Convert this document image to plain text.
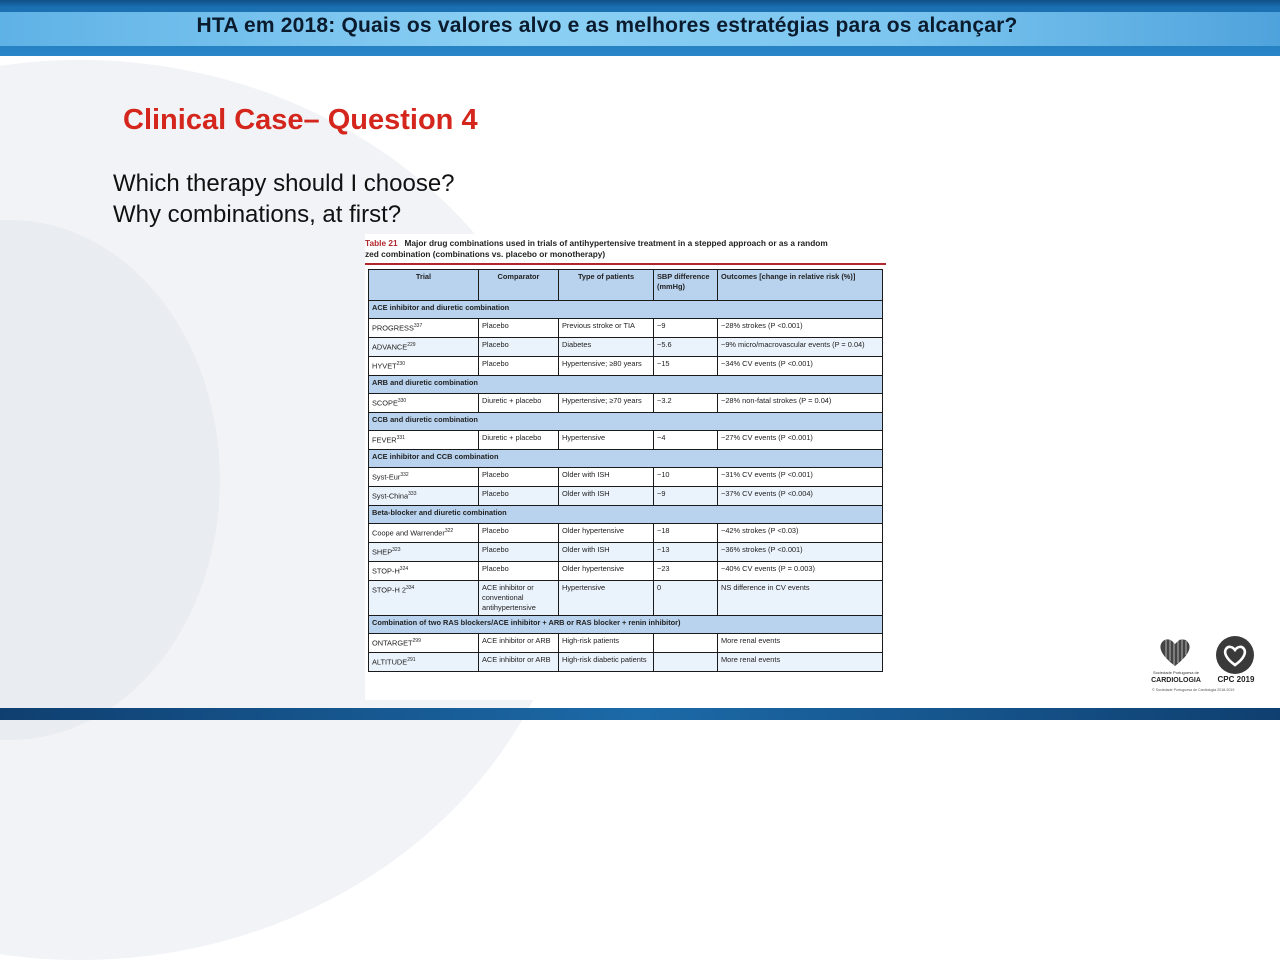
HTA em 2018: Quais os valores alvo e as melhores estratégias para os alcançar?
Clinical Case– Question 4
Which therapy should I choose?
Why combinations, at first?
Table 21 Major drug combinations used in trials of antihypertensive treatment in a stepped approach or as a random
zed combination (combinations vs. placebo or monotherapy)
Trial	Comparator	Type of patients	SBP difference (mmHg)	Outcomes [change in relative risk (%)]
ACE inhibitor and diuretic combination				
PROGRESS$^{337}$	Placebo	Previous stroke or TIA	−9	−28% strokes (P <0.001)
ADVANCE$^{229}$	Placebo	Diabetes	−5.6	−9% micro/macrovascular events (P = 0.04)
HYVET$^{230}$	Placebo	Hypertensive; ≥80 years	−15	−34% CV events (P <0.001)
ARB and diuretic combination				
SCOPE$^{330}$	Diuretic + placebo	Hypertensive; ≥70 years	−3.2	−28% non-fatal strokes (P = 0.04)
CCB and diuretic combination				
FEVER$^{331}$	Diuretic + placebo	Hypertensive	−4	−27% CV events (P <0.001)
ACE inhibitor and CCB combination				
Syst-Eur$^{332}$	Placebo	Older with ISH	−10	−31% CV events (P <0.001)
Syst-China$^{333}$	Placebo	Older with ISH	−9	−37% CV events (P <0.004)
Beta-blocker and diuretic combination				
Coope and Warrender$^{322}$	Placebo	Older hypertensive	−18	−42% strokes (P <0.03)
SHEP$^{323}$	Placebo	Older with ISH	−13	−36% strokes (P <0.001)
STOP-$H^{324}$	Placebo	Older hypertensive	−23	−40% CV events (P = 0.003)
STOP-H $2^{334}$	ACE inhibitor or conventional antihypertensive	Hypertensive	0	NS difference in CV events
Combination of two RAS blockers/ACE inhibitor + ARB or RAS blocker + renin inhibitor)				
ONTARGET$^{299}$	ACE inhibitor or ARB	High-risk patients		More renal events
ALTITUDE$^{291}$	ACE inhibitor or ARB	High-risk diabetic patients		More renal events
Sociedade Portuguesa de
CARDIOLOGIA	CPC 2019
© Sociedade Portuguesa de Cardiologia 2018-2019
